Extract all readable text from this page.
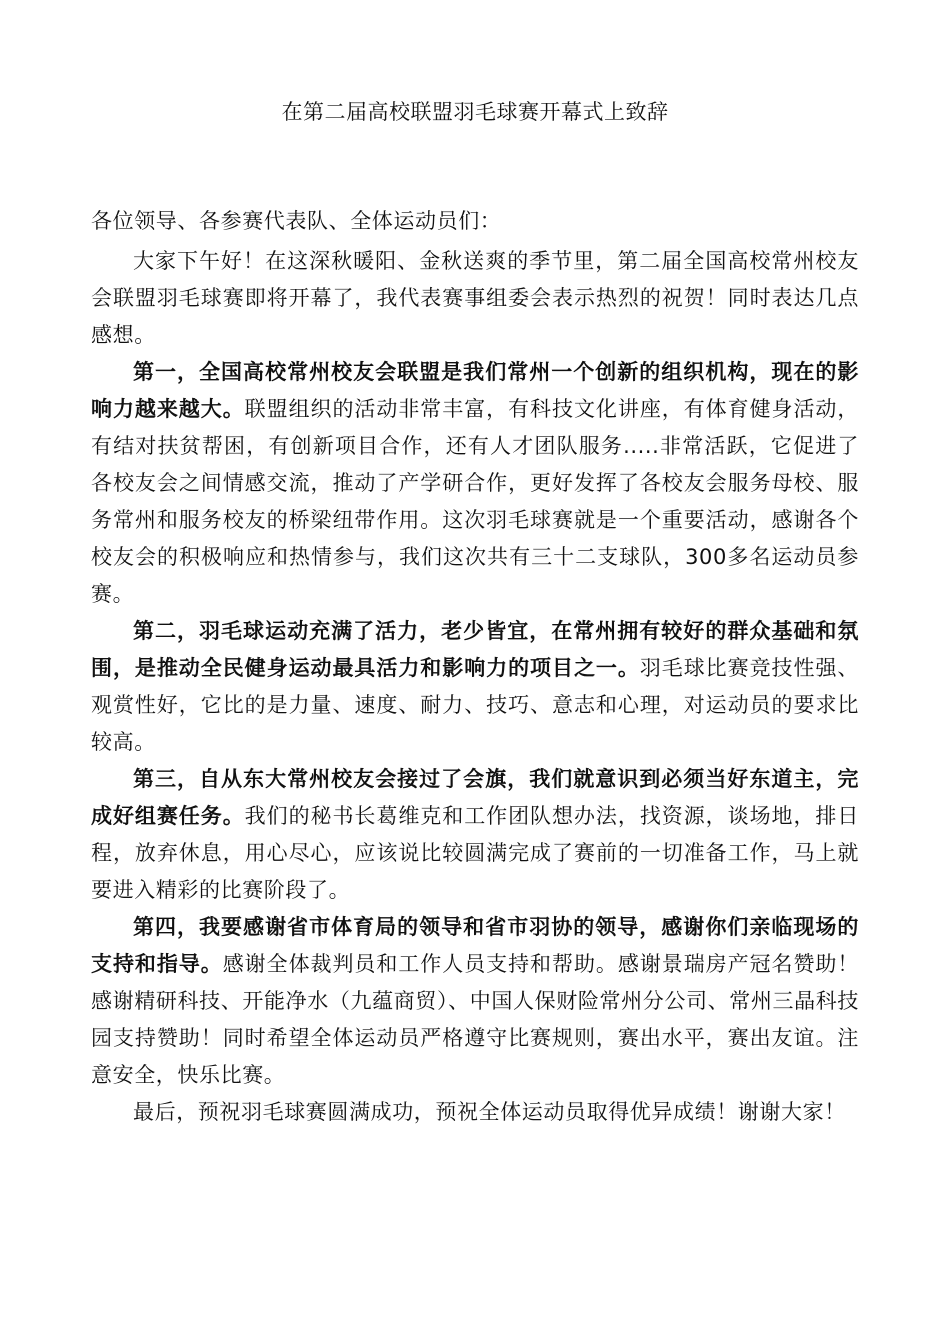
在第二届高校联盟羽毛球赛开幕式上致辞

各位领导、各参赛代表队、全体运动员们：

大家下午好！在这深秋暖阳、金秋送爽的季节里，第二届全国高校常州校友会联盟羽毛球赛即将开幕了，我代表赛事组委会表示热烈的祝贺！同时表达几点感想。

第一，全国高校常州校友会联盟是我们常州一个创新的组织机构，现在的影响力越来越大。联盟组织的活动非常丰富，有科技文化讲座，有体育健身活动，有结对扶贫帮困，有创新项目合作，还有人才团队服务.....非常活跃，它促进了各校友会之间情感交流，推动了产学研合作，更好发挥了各校友会服务母校、服务常州和服务校友的桥梁纽带作用。这次羽毛球赛就是一个重要活动，感谢各个校友会的积极响应和热情参与，我们这次共有三十二支球队，300多名运动员参赛。

第二，羽毛球运动充满了活力，老少皆宜，在常州拥有较好的群众基础和氛围，是推动全民健身运动最具活力和影响力的项目之一。羽毛球比赛竞技性强、观赏性好，它比的是力量、速度、耐力、技巧、意志和心理，对运动员的要求比较高。

第三，自从东大常州校友会接过了会旗，我们就意识到必须当好东道主，完成好组赛任务。我们的秘书长葛维克和工作团队想办法，找资源，谈场地，排日程，放弃休息，用心尽心，应该说比较圆满完成了赛前的一切准备工作，马上就要进入精彩的比赛阶段了。

第四，我要感谢省市体育局的领导和省市羽协的领导，感谢你们亲临现场的支持和指导。感谢全体裁判员和工作人员支持和帮助。感谢景瑞房产冠名赞助！感谢精研科技、开能净水（九蕴商贸）、中国人保财险常州分公司、常州三晶科技园支持赞助！同时希望全体运动员严格遵守比赛规则，赛出水平，赛出友谊。注意安全，快乐比赛。

最后，预祝羽毛球赛圆满成功，预祝全体运动员取得优异成绩！谢谢大家！
